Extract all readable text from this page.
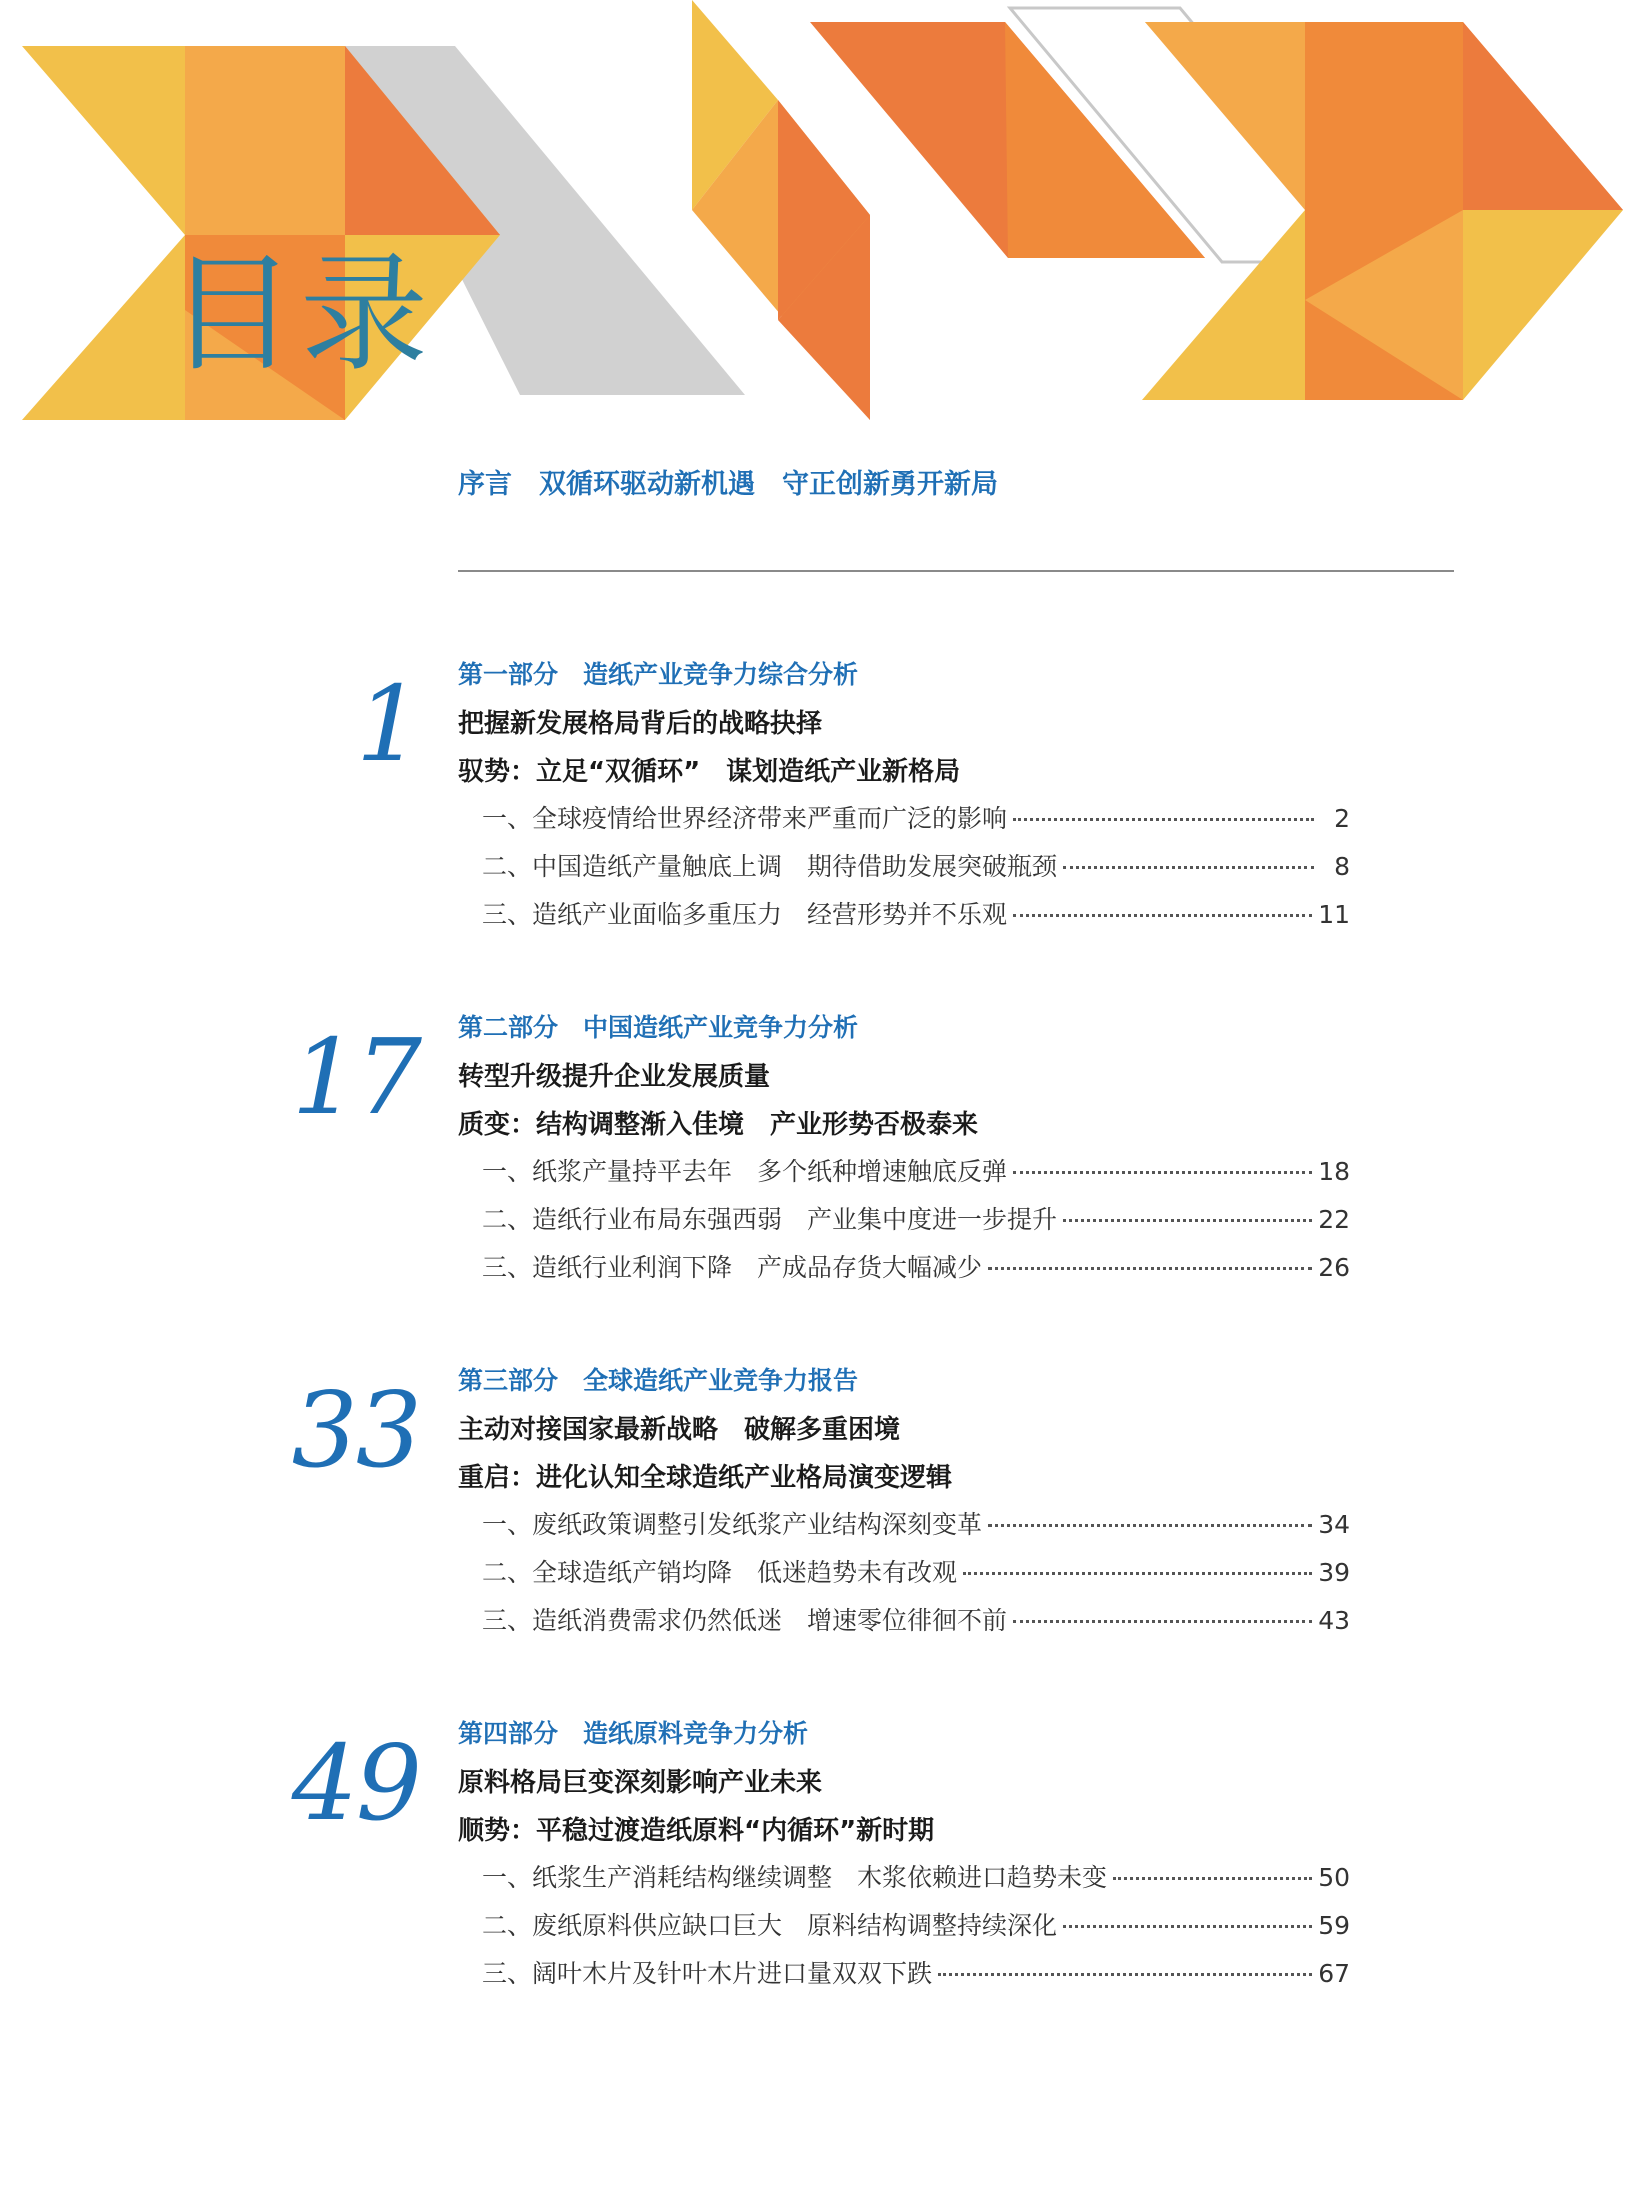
目录
序言　双循环驱动新机遇　守正创新勇开新局
1 第一部分　造纸产业竞争力综合分析
把握新发展格局背后的战略抉择
驭势：立足“双循环”　谋划造纸产业新格局
一、全球疫情给世界经济带来严重而广泛的影响	2
二、中国造纸产量触底上调　期待借助发展突破瓶颈	8
三、造纸产业面临多重压力　经营形势并不乐观	11
17 第二部分　中国造纸产业竞争力分析
转型升级提升企业发展质量
质变：结构调整渐入佳境　产业形势否极泰来
一、纸浆产量持平去年　多个纸种增速触底反弹	18
二、造纸行业布局东强西弱　产业集中度进一步提升	22
三、造纸行业利润下降　产成品存货大幅减少	26
33 第三部分　全球造纸产业竞争力报告
主动对接国家最新战略　破解多重困境
重启：进化认知全球造纸产业格局演变逻辑
一、废纸政策调整引发纸浆产业结构深刻变革	34
二、全球造纸产销均降　低迷趋势未有改观	39
三、造纸消费需求仍然低迷　增速零位徘徊不前	43
49 第四部分　造纸原料竞争力分析
原料格局巨变深刻影响产业未来
顺势：平稳过渡造纸原料“内循环”新时期
一、纸浆生产消耗结构继续调整　木浆依赖进口趋势未变	50
二、废纸原料供应缺口巨大　原料结构调整持续深化	59
三、阔叶木片及针叶木片进口量双双下跌	67
